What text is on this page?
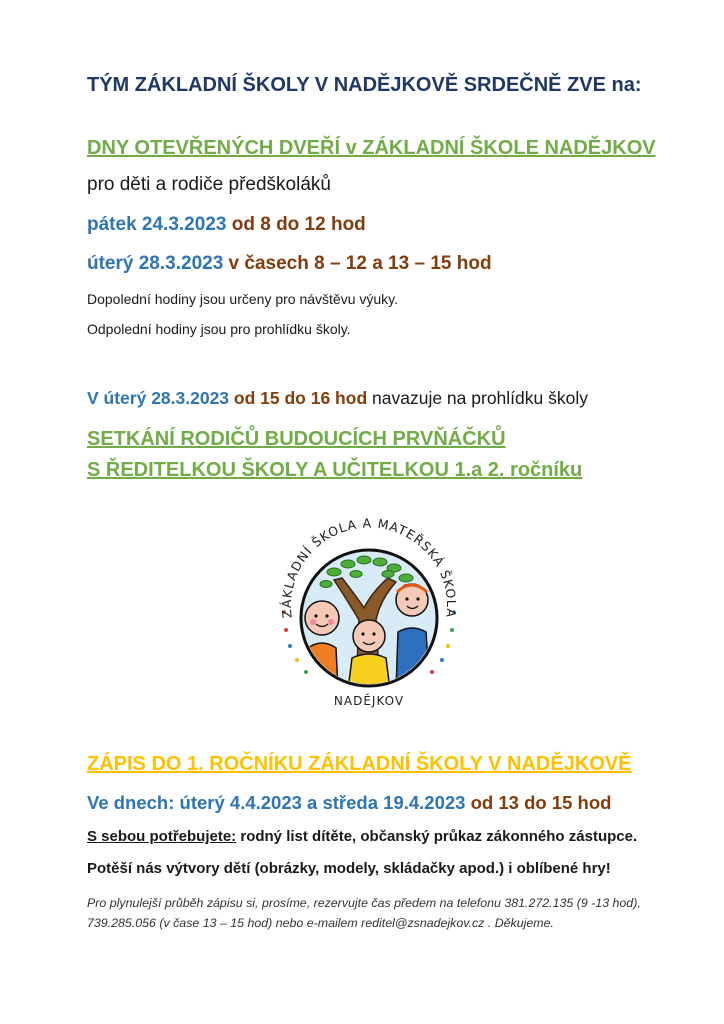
TÝM ZÁKLADNÍ ŠKOLY V NADĚJKOVĚ SRDEČNĚ ZVE na:
DNY OTEVŘENÝCH DVEŘÍ v ZÁKLADNÍ ŠKOLE NADĚJKOV
pro děti a rodiče předškoláků
pátek 24.3.2023 od 8 do 12 hod
úterý 28.3.2023 v časech 8 – 12 a 13 – 15 hod
Dopolední hodiny jsou určeny pro návštěvu výuky.
Odpolední hodiny jsou pro prohlídku školy.
V úterý 28.3.2023 od 15 do 16 hod navazuje na prohlídku školy
SETKÁNÍ RODIČŮ BUDOUCÍCH PRVŇÁČKŮ
S ŘEDITELKOU ŠKOLY A UČITELKOU 1.a 2. ročníku
ZÁKLADNÍ ŠKOLA A MATEŘSKÁ ŠKOLA
NADĚJKOV
ZÁPIS DO 1. ROČNÍKU ZÁKLADNÍ ŠKOLY V NADĚJKOVĚ
Ve dnech: úterý 4.4.2023 a středa 19.4.2023 od 13 do 15 hod
S sebou potřebujete: rodný list dítěte, občanský průkaz zákonného zástupce.
Potěší nás výtvory dětí (obrázky, modely, skládačky apod.) i oblíbené hry!
Pro plynulejší průběh zápisu si, prosíme, rezervujte čas předem na telefonu 381.272.135 (9 -13 hod), 739.285.056 (v čase 13 – 15 hod) nebo e-mailem reditel@zsnadejkov.cz . Děkujeme.
